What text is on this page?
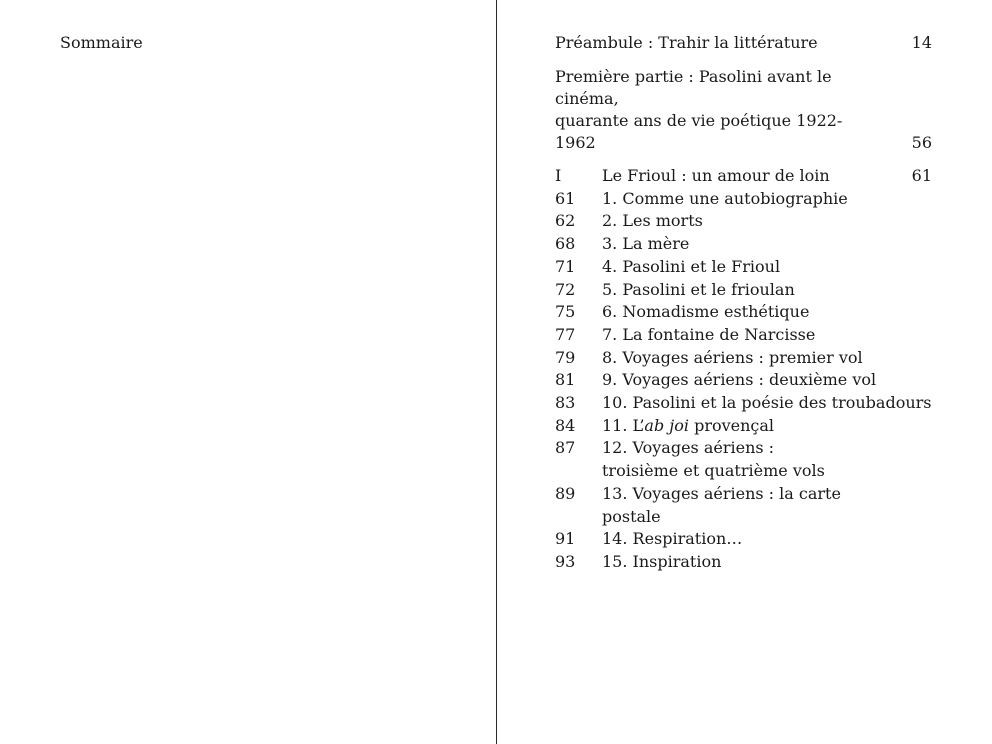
Sommaire	Préambule : Trahir la littérature	14
Première partie : Pasolini avant le cinéma,
quarante ans de vie poétique 1922-1962	56
I	Le Frioul : un amour de loin	61
61	1. Comme une autobiographie
62	2. Les morts
68	3. La mère
71	4. Pasolini et le Frioul
72	5. Pasolini et le frioulan
75	6. Nomadisme esthétique
77	7. La fontaine de Narcisse
79	8. Voyages aériens : premier vol
81	9. Voyages aériens : deuxième vol
83	10. Pasolini et la poésie des troubadours
84	11. L’ab joi provençal
87	12. Voyages aériens :
troisième et quatrième vols
89	13. Voyages aériens : la carte postale
91	14. Respiration…
93	15. Inspiration
